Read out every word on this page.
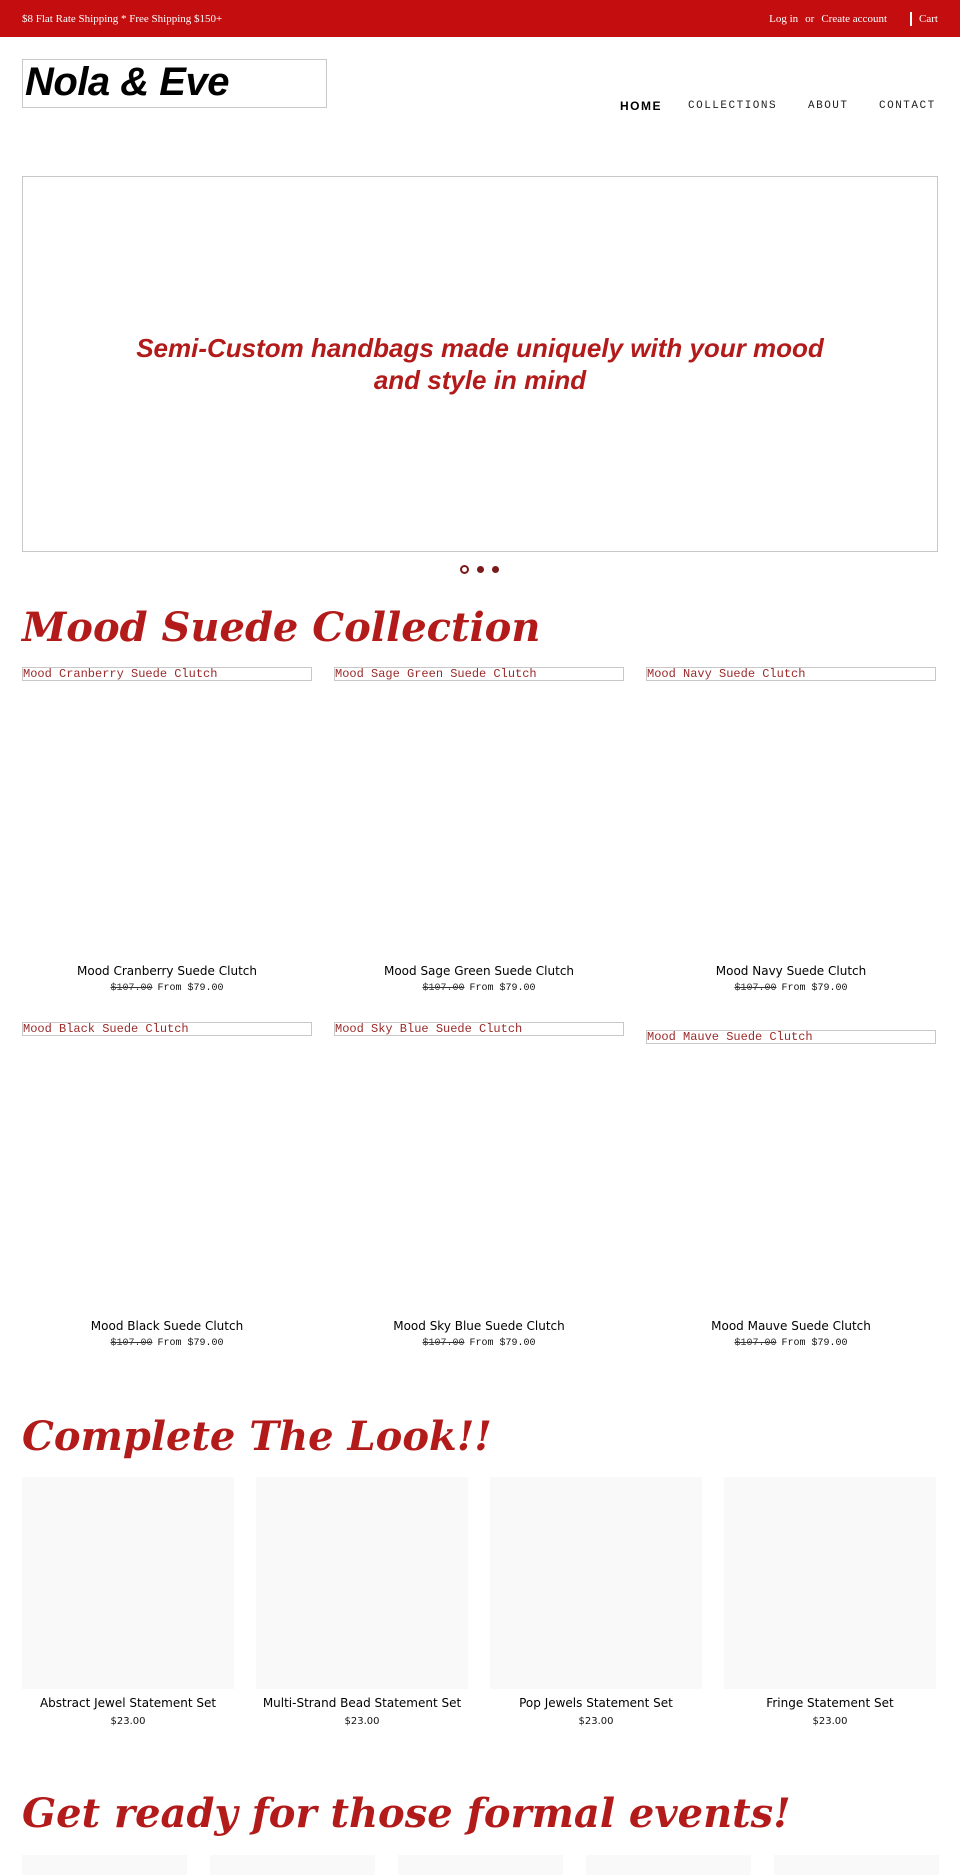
$8 Flat Rate Shipping * Free Shipping $150+	Log in or Create account	Cart
Nola & Eve
HOME COLLECTIONS	ABOUT	CONTACT
Semi-Custom handbags made uniquely with your mood and style in mind
Mood Suede Collection
Mood Cranberry Suede Clutch	Mood Sage Green Suede Clutch	Mood Navy Suede Clutch
Mood Cranberry Suede Clutch	Mood Sage Green Suede Clutch	Mood Navy Suede Clutch
$107.00 From $79.00	$107.00 From $79.00	$107.00 From $79.00
Mood Black Suede Clutch	Mood Sky Blue Suede Clutch
Mood Mauve Suede Clutch
Mood Black Suede Clutch	Mood Sky Blue Suede Clutch	Mood Mauve Suede Clutch
$107.00 From $79.00	$107.00 From $79.00	$107.00 From $79.00
Complete The Look!!
Abstract Jewel Statement Set	Multi-Strand Bead Statement Set	Pop Jewels Statement Set	Fringe Statement Set
$23.00	$23.00	$23.00	$23.00
Get ready for those formal events!
